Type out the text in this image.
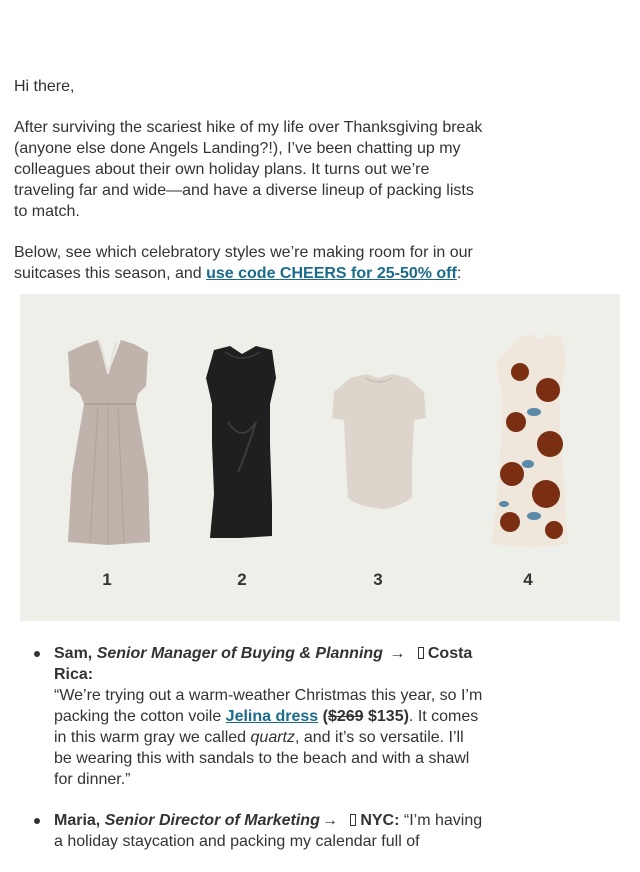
Hi there,

After surviving the scariest hike of my life over Thanksgiving break (anyone else done Angels Landing?!), I’ve been chatting up my colleagues about their own holiday plans. It turns out we’re traveling far and wide—and have a diverse lineup of packing lists to match.

Below, see which celebratory styles we’re making room for in our suitcases this season, and use code CHEERS for 25-50% off:

1	2	3	4
Sam, Senior Manager of Buying & Planning → Costa Rica:
“We’re trying out a warm-weather Christmas this year, so I’m packing the cotton voile Jelina dress ($269 $135). It comes in this warm gray we called quartz, and it’s so versatile. I’ll be wearing this with sandals to the beach and with a shawl for dinner.”
Maria, Senior Director of Marketing → NYC: “I’m having a holiday staycation and packing my calendar full of
